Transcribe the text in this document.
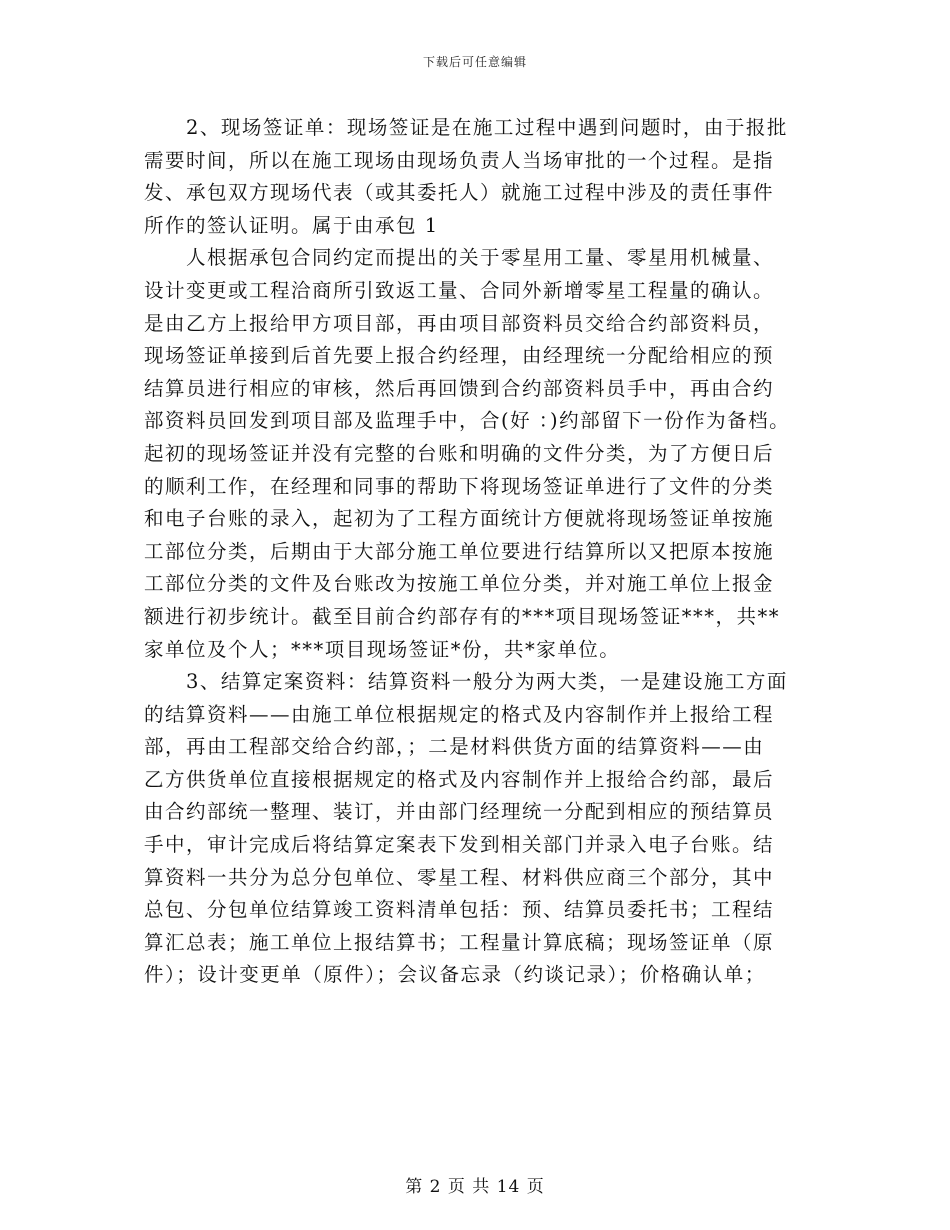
下载后可任意编辑
2、现场签证单：现场签证是在施工过程中遇到问题时，由于报批
需要时间，所以在施工现场由现场负责人当场审批的一个过程。是指
发、承包双方现场代表（或其委托人）就施工过程中涉及的责任事件
所作的签认证明。属于由承包 1
人根据承包合同约定而提出的关于零星用工量、零星用机械量、
设计变更或工程洽商所引致返工量、合同外新增零星工程量的确认。
是由乙方上报给甲方项目部，再由项目部资料员交给合约部资料员，
现场签证单接到后首先要上报合约经理，由经理统一分配给相应的预
结算员进行相应的审核，然后再回馈到合约部资料员手中，再由合约
部资料员回发到项目部及监理手中，合(好 ：)约部留下一份作为备档。
起初的现场签证并没有完整的台账和明确的文件分类，为了方便日后
的顺利工作，在经理和同事的帮助下将现场签证单进行了文件的分类
和电子台账的录入，起初为了工程方面统计方便就将现场签证单按施
工部位分类，后期由于大部分施工单位要进行结算所以又把原本按施
工部位分类的文件及台账改为按施工单位分类，并对施工单位上报金
额进行初步统计。截至目前合约部存有的***项目现场签证***，共**
家单位及个人；***项目现场签证*份，共*家单位。
3、结算定案资料：结算资料一般分为两大类，一是建设施工方面
的结算资料——由施工单位根据规定的格式及内容制作并上报给工程
部，再由工程部交给合约部，；二是材料供货方面的结算资料——由
乙方供货单位直接根据规定的格式及内容制作并上报给合约部，最后
由合约部统一整理、装订，并由部门经理统一分配到相应的预结算员
手中，审计完成后将结算定案表下发到相关部门并录入电子台账。结
算资料一共分为总分包单位、零星工程、材料供应商三个部分，其中
总包、分包单位结算竣工资料清单包括：预、结算员委托书；工程结
算汇总表；施工单位上报结算书；工程量计算底稿；现场签证单（原
件）；设计变更单（原件）；会议备忘录（约谈记录）；价格确认单；
第 2 页 共 14 页
